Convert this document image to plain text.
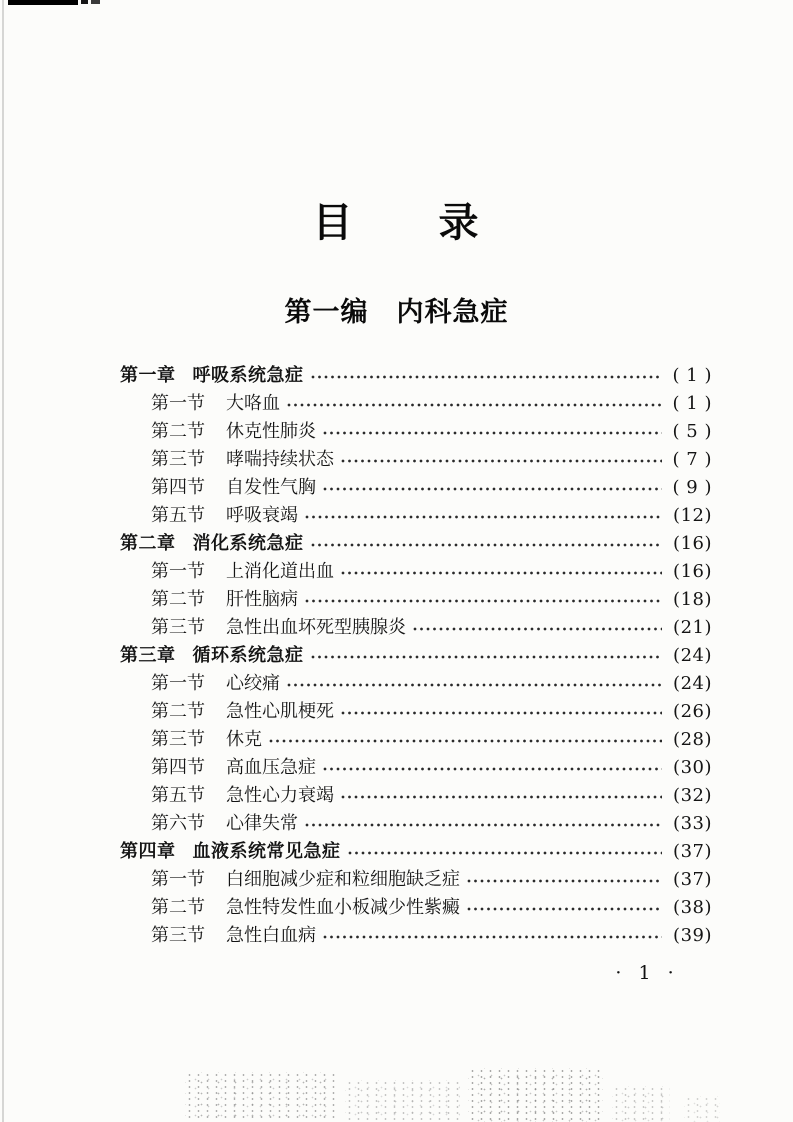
目　　录
第一编　内科急症
第一章 呼吸系统急症	( 1 )
第一节 大咯血	( 1 )
第二节 休克性肺炎	( 5 )
第三节 哮喘持续状态	( 7 )
第四节 自发性气胸	( 9 )
第五节 呼吸衰竭	(12)
第二章 消化系统急症	(16)
第一节 上消化道出血	(16)
第二节 肝性脑病	(18)
第三节 急性出血坏死型胰腺炎	(21)
第三章 循环系统急症	(24)
第一节 心绞痛	(24)
第二节 急性心肌梗死	(26)
第三节 休克	(28)
第四节 高血压急症	(30)
第五节 急性心力衰竭	(32)
第六节 心律失常	(33)
第四章 血液系统常见急症	(37)
第一节 白细胞减少症和粒细胞缺乏症	(37)
第二节 急性特发性血小板减少性紫癜	(38)
第三节 急性白血病	(39)
· 1 ·
